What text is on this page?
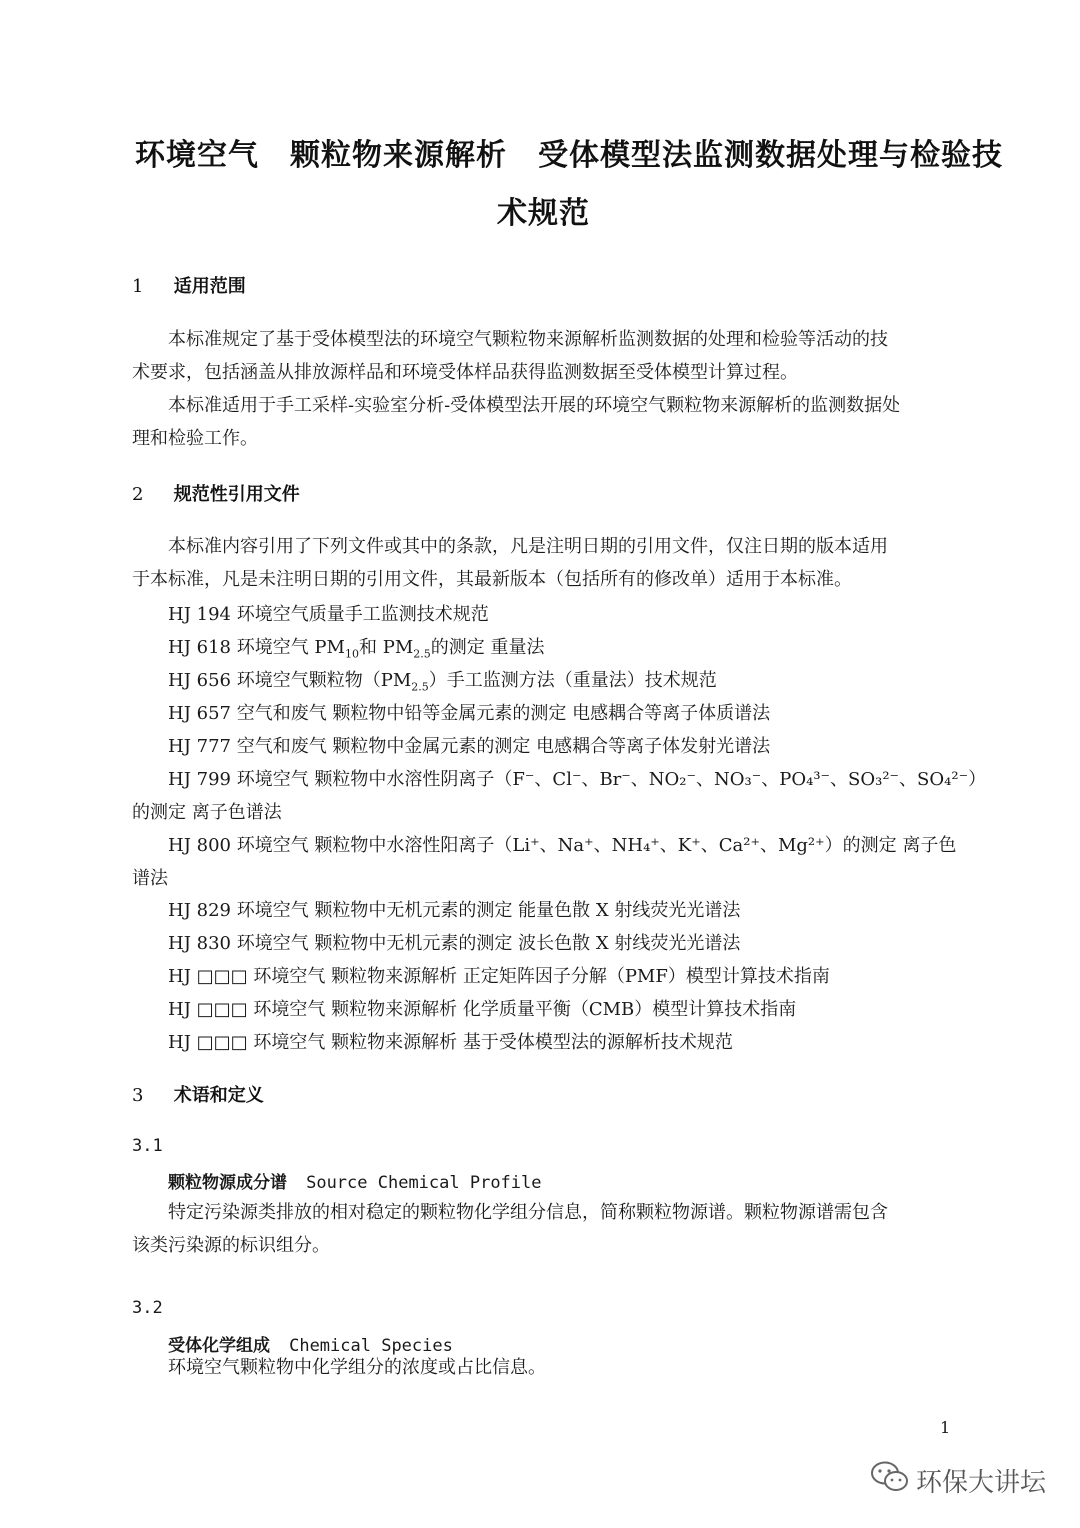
环境空气　颗粒物来源解析　受体模型法监测数据处理与检验技
术规范
1 适用范围
本标准规定了基于受体模型法的环境空气颗粒物来源解析监测数据的处理和检验等活动的技
术要求，包括涵盖从排放源样品和环境受体样品获得监测数据至受体模型计算过程。
本标准适用于手工采样-实验室分析-受体模型法开展的环境空气颗粒物来源解析的监测数据处
理和检验工作。
2 规范性引用文件
本标准内容引用了下列文件或其中的条款，凡是注明日期的引用文件，仅注日期的版本适用
于本标准，凡是未注明日期的引用文件，其最新版本（包括所有的修改单）适用于本标准。
HJ 194 环境空气质量手工监测技术规范
HJ 618 环境空气 $PM_{10}$和 $PM_{2.5}$的测定 重量法
HJ 656 环境空气颗粒物$(PM_{2.5})$手工监测方法（重量法）技术规范
HJ 657 空气和废气 颗粒物中铅等金属元素的测定 电感耦合等离子体质谱法
HJ 777 空气和废气 颗粒物中金属元素的测定 电感耦合等离子体发射光谱法
HJ 799 环境空气 颗粒物中水溶性阴离子（F⁻、Cl⁻、Br⁻、NO₂⁻、NO₃⁻、PO₄³⁻、SO₃²⁻、SO₄²⁻）
的测定 离子色谱法
HJ 800 环境空气 颗粒物中水溶性阳离子（Li⁺、Na⁺、NH₄⁺、K⁺、Ca²⁺、Mg²⁺）的测定 离子色
谱法
HJ 829 环境空气 颗粒物中无机元素的测定 能量色散 X 射线荧光光谱法
HJ 830 环境空气 颗粒物中无机元素的测定 波长色散 X 射线荧光光谱法
HJ □□□ 环境空气 颗粒物来源解析 正定矩阵因子分解（PMF）模型计算技术指南
HJ □□□ 环境空气 颗粒物来源解析 化学质量平衡（CMB）模型计算技术指南
HJ □□□ 环境空气 颗粒物来源解析 基于受体模型法的源解析技术规范
3 术语和定义
3.1
颗粒物源成分谱 Source Chemical Profile
特定污染源类排放的相对稳定的颗粒物化学组分信息，简称颗粒物源谱。颗粒物源谱需包含
该类污染源的标识组分。
3.2
受体化学组成 Chemical Species
环境空气颗粒物中化学组分的浓度或占比信息。
1
环保大讲坛
